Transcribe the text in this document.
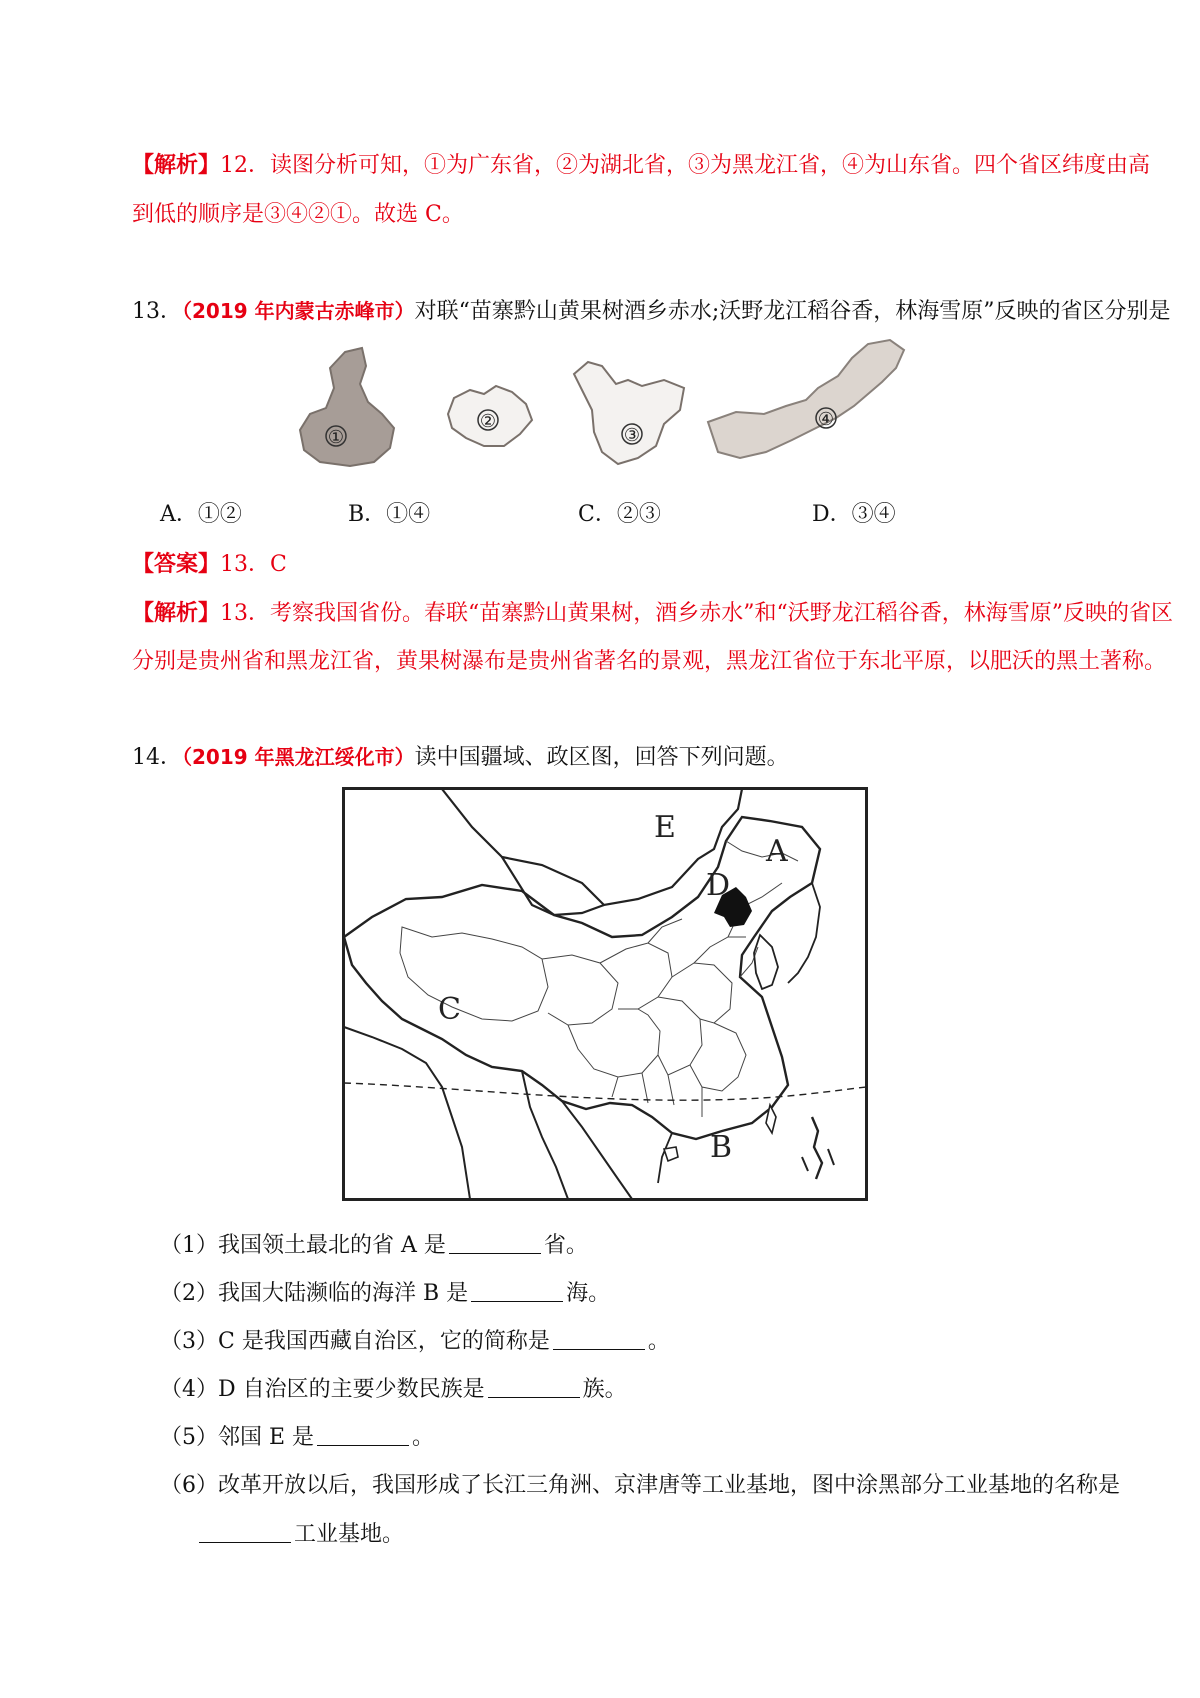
【解析】12．读图分析可知，①为广东省，②为湖北省，③为黑龙江省，④为山东省。四个省区纬度由高
到低的顺序是③④②①。故选 C。
13．（2019 年内蒙古赤峰市）对联“苗寨黔山黄果树酒乡赤水;沃野龙江稻谷香，林海雪原”反映的省区分别是
①
②
③
④
A．①②	B．①④	C．②③	D．③④
【答案】13．C
【解析】13．考察我国省份。春联“苗寨黔山黄果树，酒乡赤水”和“沃野龙江稻谷香，林海雪原”反映的省区
分别是贵州省和黑龙江省，黄果树瀑布是贵州省著名的景观，黑龙江省位于东北平原，以肥沃的黑土著称。
14．（2019 年黑龙江绥化市）读中国疆域、政区图，回答下列问题。
E
A
D
C
B
（1）我国领土最北的省 A 是	省。
（2）我国大陆濒临的海洋 B 是	海。
（3）C 是我国西藏自治区，它的简称是	。
（4）D 自治区的主要少数民族是	族。
（5）邻国 E 是	。
（6）改革开放以后，我国形成了长江三角洲、京津唐等工业基地，图中涂黑部分工业基地的名称是
工业基地。
